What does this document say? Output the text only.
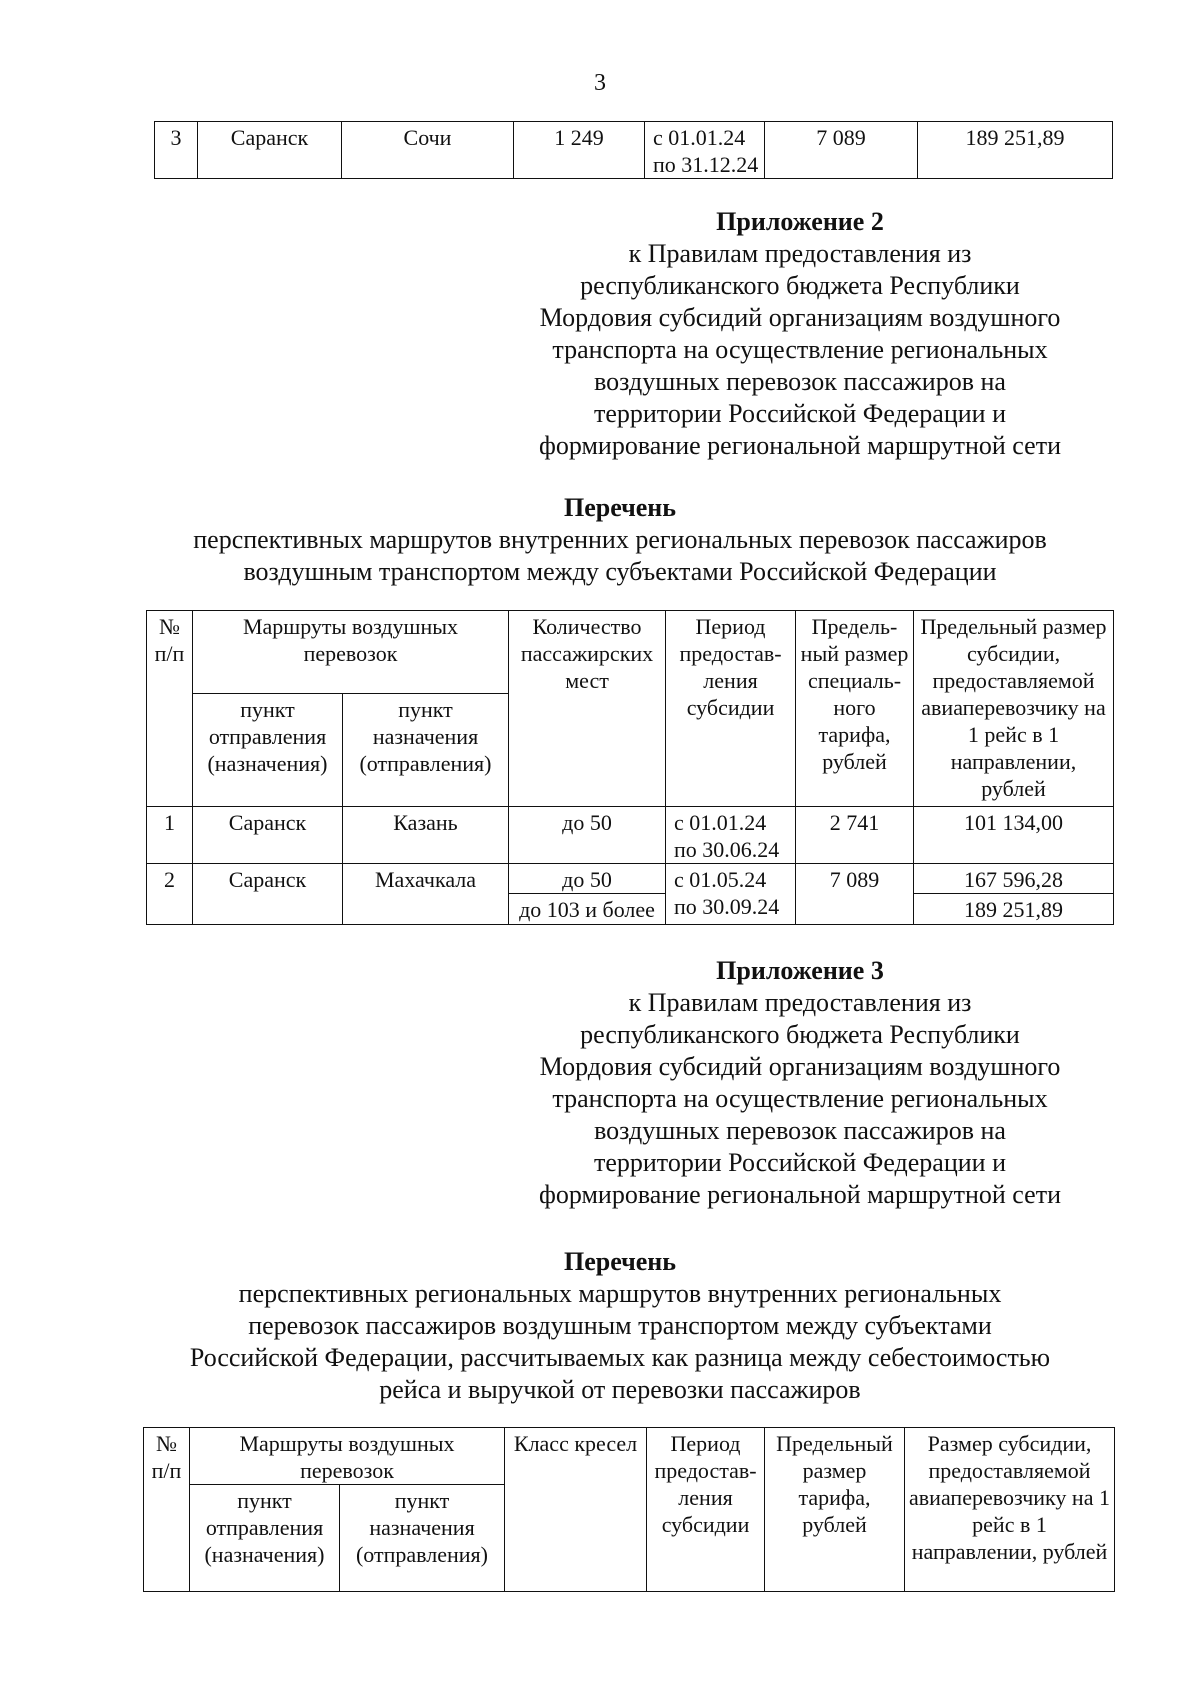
3
3	Саранск	Сочи	1 249	с 01.01.24 по 31.12.24	7 089	189 251,89
Приложение 2
к Правилам предоставления из
республиканского бюджета Республики
Мордовия субсидий организациям воздушного
транспорта на осуществление региональных
воздушных перевозок пассажиров на
территории Российской Федерации и
формирование региональной маршрутной сети
Перечень
перспективных маршрутов внутренних региональных перевозок пассажиров
воздушным транспортом между субъектами Российской Федерации
№ п/п	Маршруты воздушных перевозок		Количество пассажирских мест	Период предостав-ления субсидии	Предель-ный размер специаль-ного тарифа, рублей	Предельный размер субсидии, предоставляемой авиаперевозчику на 1 рейс в 1 направлении, рублей
	пункт отправления (назначения)	пункт назначения (отправления)				
1	Саранск	Казань	до 50	с 01.01.24 по 30.06.24	2 741	101 134,00
2	Саранск	Махачкала	до 50	с 01.05.24 по 30.09.24	7 089	167 596,28
			до 103 и более			189 251,89
Приложение 3
к Правилам предоставления из
республиканского бюджета Республики
Мордовия субсидий организациям воздушного
транспорта на осуществление региональных
воздушных перевозок пассажиров на
территории Российской Федерации и
формирование региональной маршрутной сети
Перечень
перспективных региональных маршрутов внутренних региональных
перевозок пассажиров воздушным транспортом между субъектами
Российской Федерации, рассчитываемых как разница между себестоимостью
рейса и выручкой от перевозки пассажиров
№ п/п	Маршруты воздушных перевозок		Класс кресел	Период предостав-ления субсидии	Предельный размер тарифа, рублей	Размер субсидии, предоставляемой авиаперевозчику на 1 рейс в 1 направлении, рублей
	пункт отправления (назначения)	пункт назначения (отправления)				
